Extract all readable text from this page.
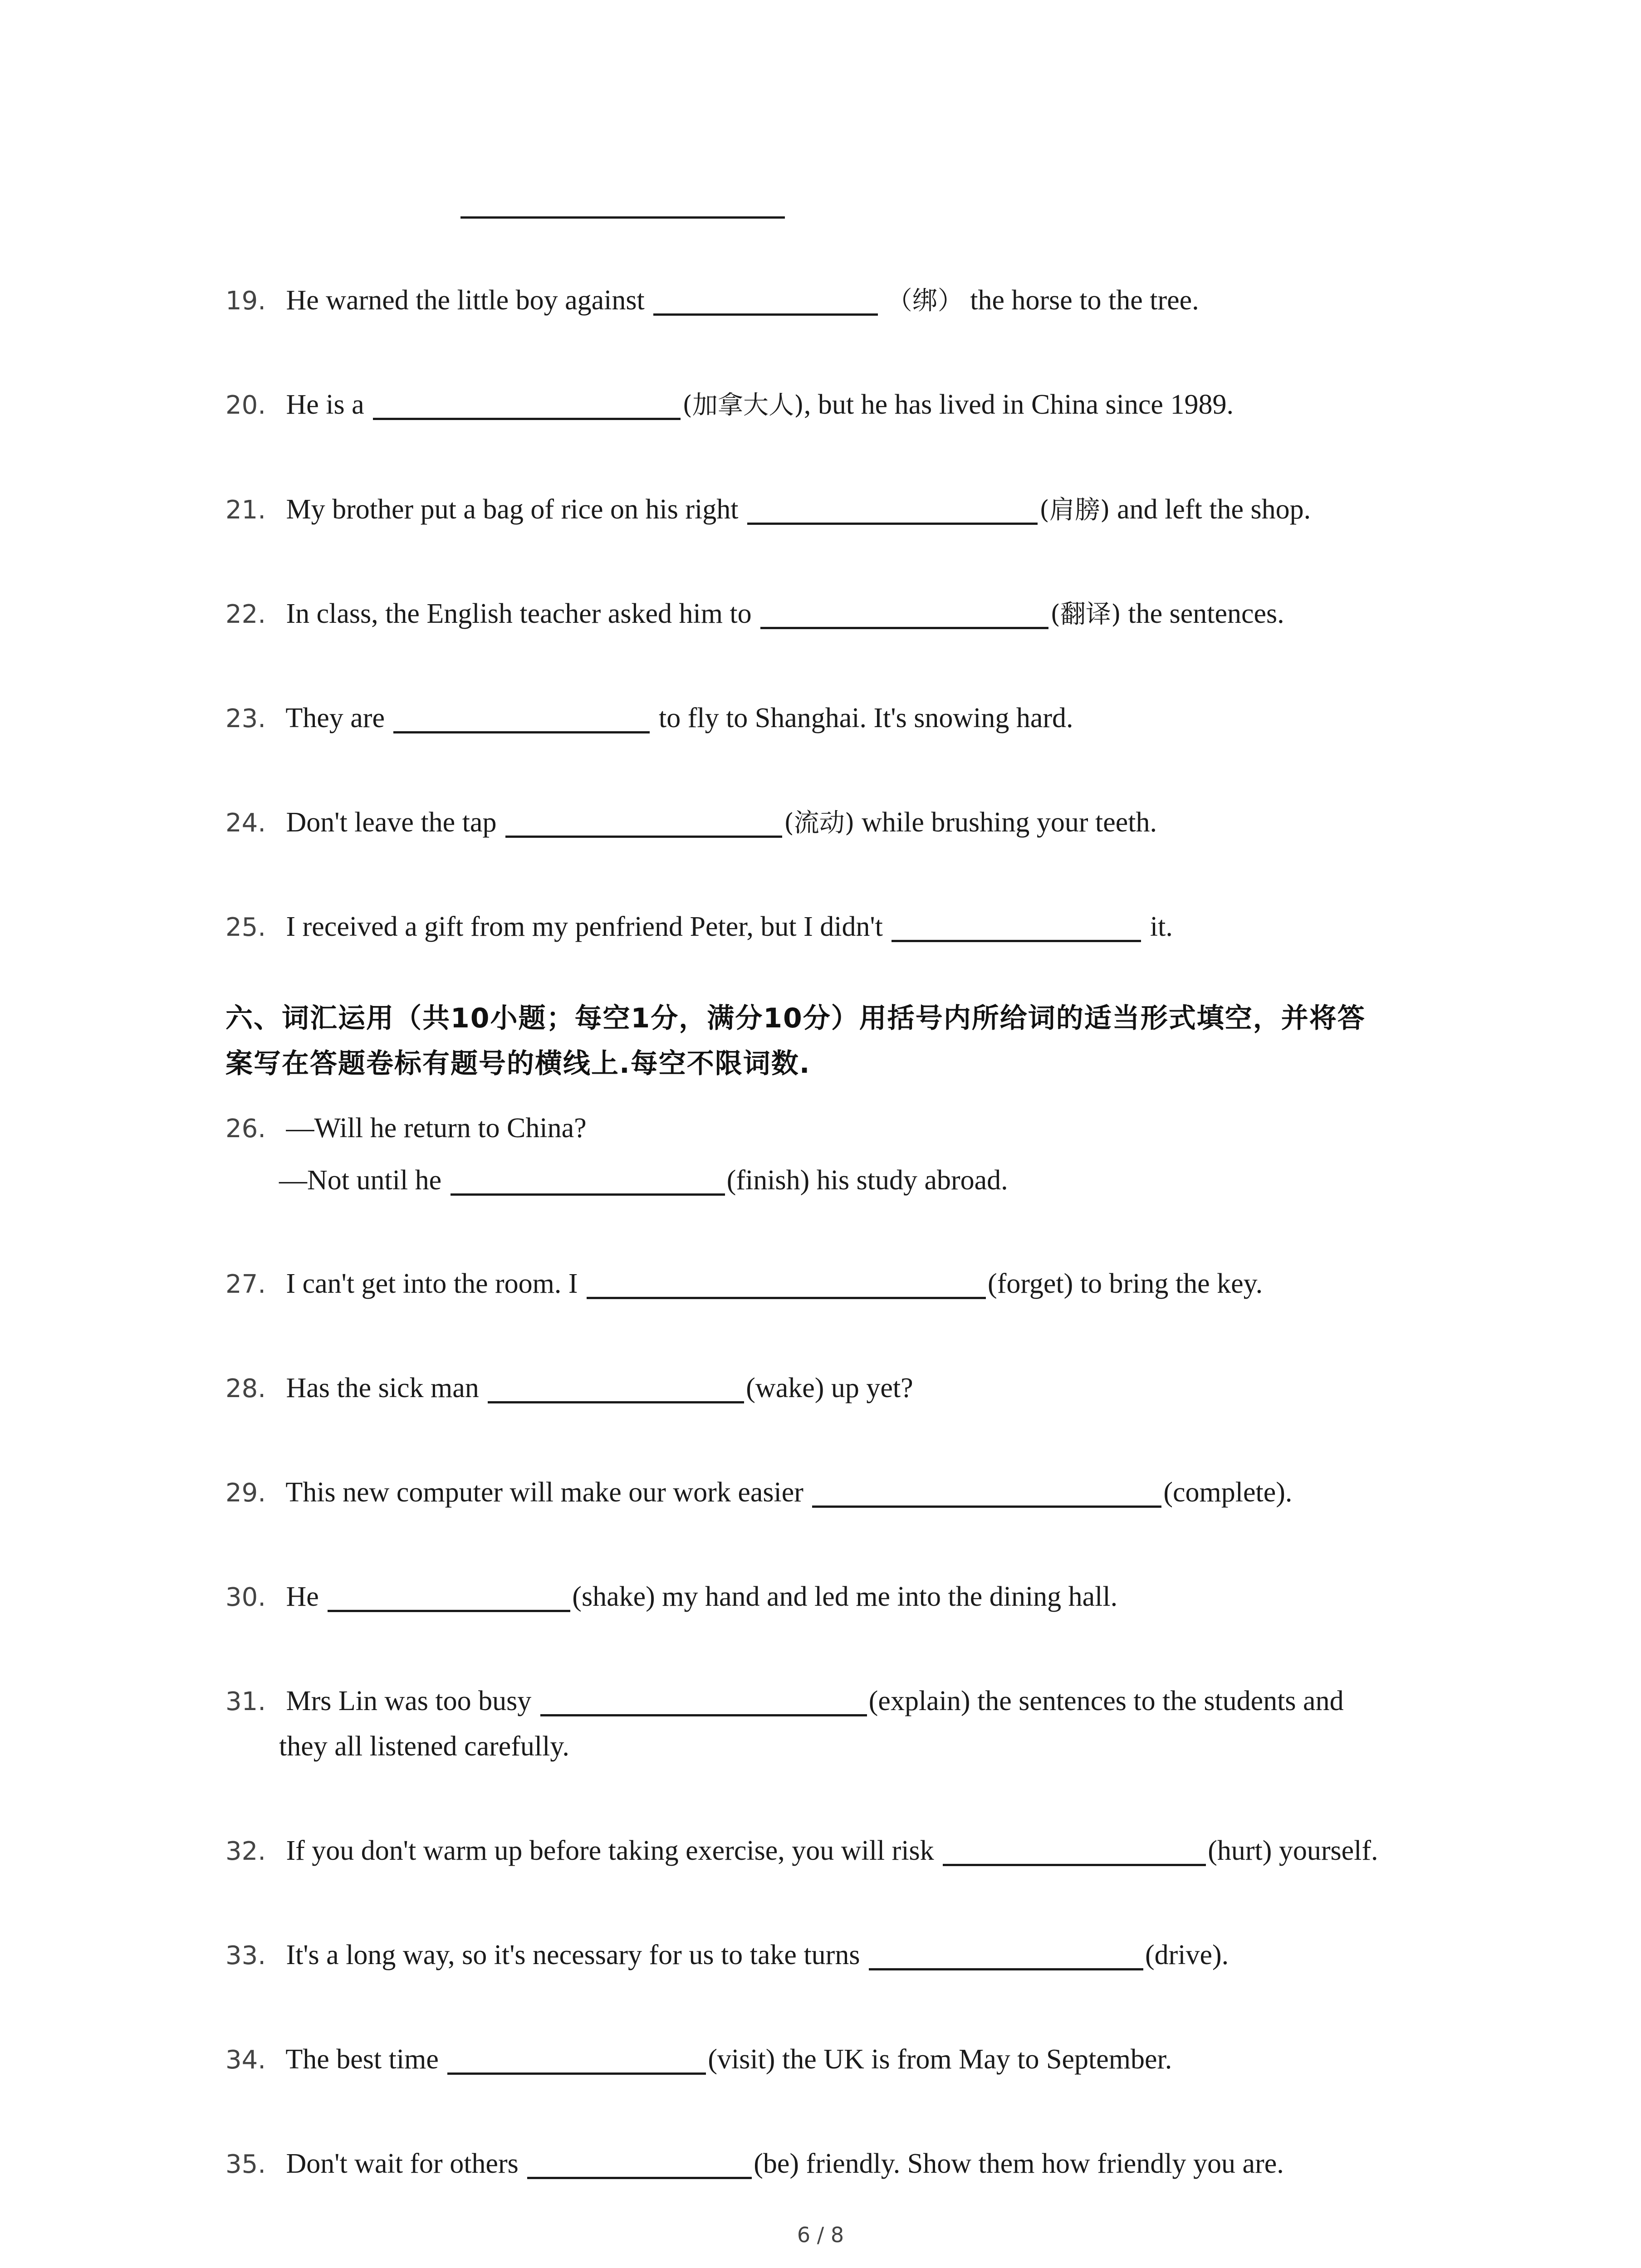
19. He warned the little boy against	（绑） the horse to the tree.
20. He is a	(加拿大人), but he has lived in China since 1989.
21. My brother put a bag of rice on his right	(肩膀) and left the shop.
22. In class, the English teacher asked him to	(翻译) the sentences.
23. They are	to fly to Shanghai. It's snowing hard.
24. Don't leave the tap	(流动) while brushing your teeth.
25. I received a gift from my penfriend Peter, but I didn't	it.
六、词汇运用（共10小题；每空1分，满分10分）用括号内所给词的适当形式填空，并将答
案写在答题卷标有题号的横线上.每空不限词数.
26. —Will he return to China?
—Not until he	(finish) his study abroad.
27. I can't get into the room. I	(forget) to bring the key.
28. Has the sick man	(wake) up yet?
29. This new computer will make our work easier	(complete).
30. He	(shake) my hand and led me into the dining hall.
31. Mrs Lin was too busy	(explain) the sentences to the students and
they all listened carefully.
32. If you don't warm up before taking exercise, you will risk	(hurt) yourself.
33. It's a long way, so it's necessary for us to take turns	(drive).
34. The best time	(visit) the UK is from May to September.
35. Don't wait for others	(be) friendly. Show them how friendly you are.
6 / 8
